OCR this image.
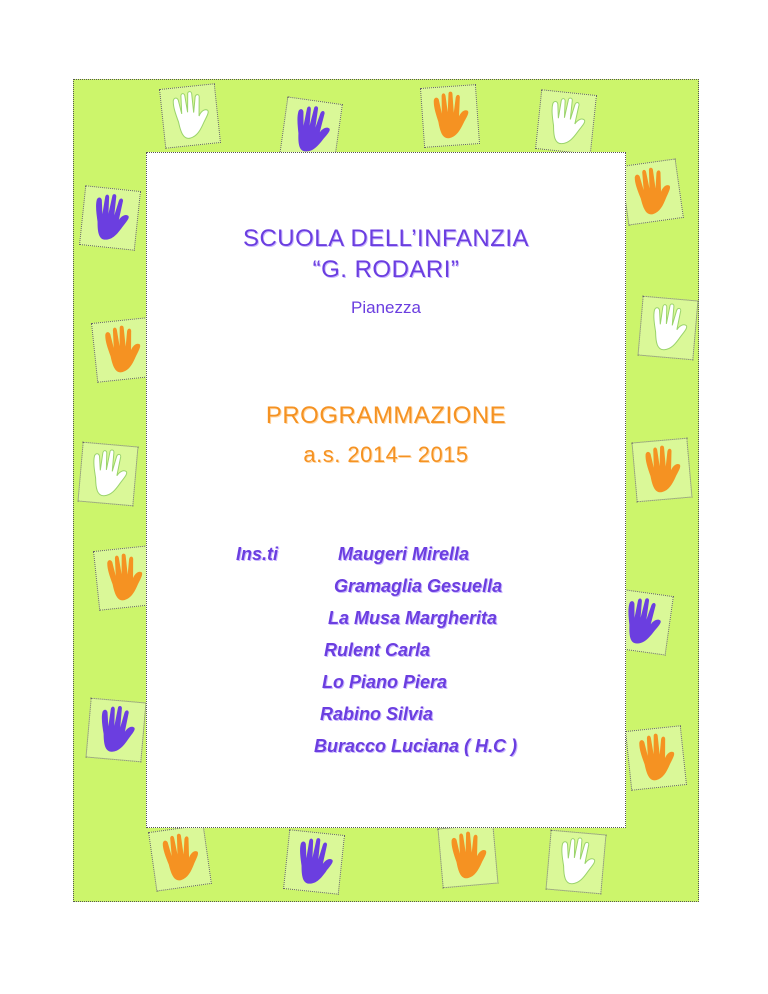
SCUOLA DELL’INFANZIA
“G. RODARI”
Pianezza
PROGRAMMAZIONE
a.s. 2014– 2015
Ins.ti	Maugeri Mirella
Gramaglia Gesuella
La Musa Margherita
Rulent Carla
Lo Piano Piera
Rabino Silvia
Buracco Luciana ( H.C )
